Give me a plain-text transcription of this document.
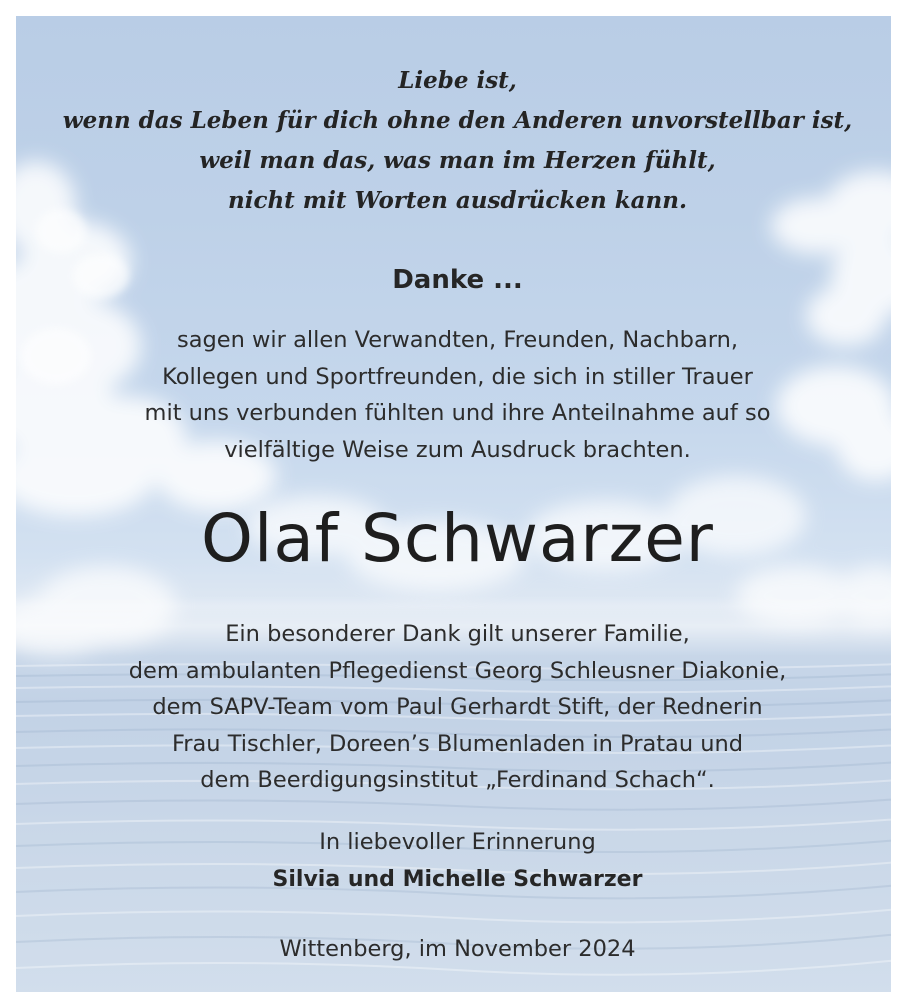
Liebe ist,
wenn das Leben für dich ohne den Anderen unvorstellbar ist,
weil man das, was man im Herzen fühlt,
nicht mit Worten ausdrücken kann.
Danke ...
sagen wir allen Verwandten, Freunden, Nachbarn,
Kollegen und Sportfreunden, die sich in stiller Trauer
mit uns verbunden fühlten und ihre Anteilnahme auf so
vielfältige Weise zum Ausdruck brachten.
Olaf Schwarzer
Ein besonderer Dank gilt unserer Familie,
dem ambulanten Pflegedienst Georg Schleusner Diakonie,
dem SAPV-Team vom Paul Gerhardt Stift, der Rednerin
Frau Tischler, Doreen’s Blumenladen in Pratau und
dem Beerdigungsinstitut „Ferdinand Schach“.
In liebevoller Erinnerung
Silvia und Michelle Schwarzer
Wittenberg, im November 2024
